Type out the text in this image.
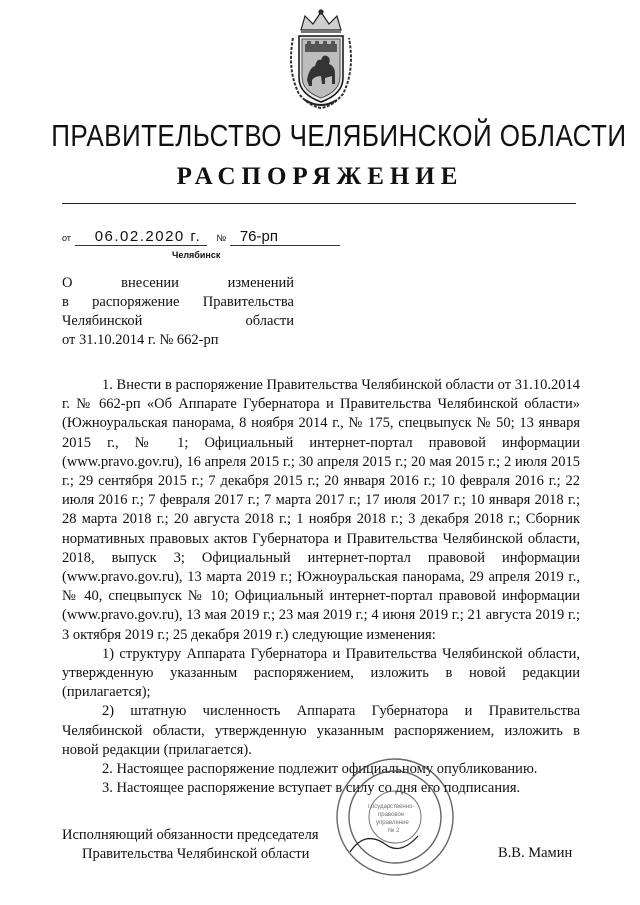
ПРАВИТЕЛЬСТВО ЧЕЛЯБИНСКОЙ ОБЛАСТИ
РАСПОРЯЖЕНИЕ
от 06.02.2020 г. № 76-рп
Челябинск
О внесении изменений
в распоряжение Правительства
Челябинской области
от 31.10.2014 г. № 662-рп

1. Внести в распоряжение Правительства Челябинской области от 31.10.2014 г. № 662-рп «Об Аппарате Губернатора и Правительства Челябинской области» (Южноуральская панорама, 8 ноября 2014 г., № 175, спецвыпуск № 50; 13 января 2015 г., № 1; Официальный интернет-портал правовой информации (www.pravo.gov.ru), 16 апреля 2015 г.; 30 апреля 2015 г.; 20 мая 2015 г.; 2 июля 2015 г.; 29 сентября 2015 г.; 7 декабря 2015 г.; 20 января 2016 г.; 10 февраля 2016 г.; 22 июля 2016 г.; 7 февраля 2017 г.; 7 марта 2017 г.; 17 июля 2017 г.; 10 января 2018 г.; 28 марта 2018 г.; 20 августа 2018 г.; 1 ноября 2018 г.; 3 декабря 2018 г.; Сборник нормативных правовых актов Губернатора и Правительства Челябинской области, 2018, выпуск 3; Официальный интернет-портал правовой информации (www.pravo.gov.ru), 13 марта 2019 г.; Южноуральская панорама, 29 апреля 2019 г., № 40, спецвыпуск № 10; Официальный интернет-портал правовой информации (www.pravo.gov.ru), 13 мая 2019 г.; 23 мая 2019 г.; 4 июня 2019 г.; 21 августа 2019 г.; 3 октября 2019 г.; 25 декабря 2019 г.) следующие изменения:

1) структуру Аппарата Губернатора и Правительства Челябинской области, утвержденную указанным распоряжением, изложить в новой редакции (прилагается);

2) штатную численность Аппарата Губернатора и Правительства Челябинской области, утвержденную указанным распоряжением, изложить в новой редакции (прилагается).

2. Настоящее распоряжение подлежит официальному опубликованию.

3. Настоящее распоряжение вступает в силу со дня его подписания.

Государственно-
правовое
управление
№ 2
Исполняющий обязанности председателя
Правительства Челябинской области	В.В. Мамин
